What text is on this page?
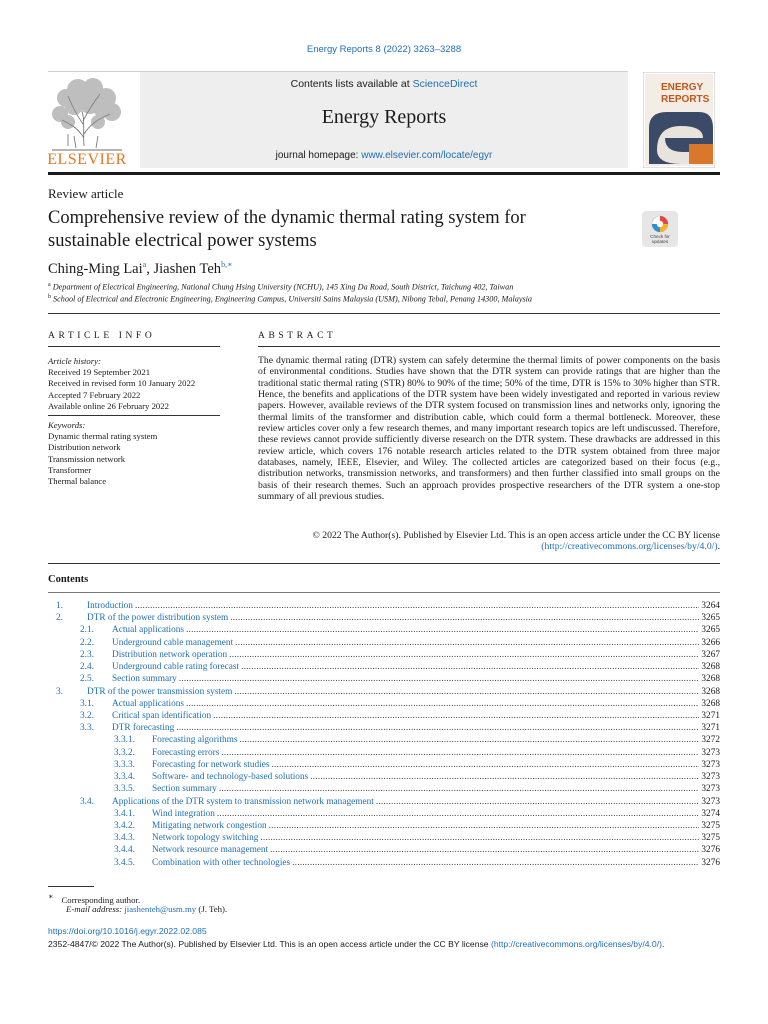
Energy Reports 8 (2022) 3263–3288
ELSEVIER
Contents lists available at ScienceDirect
Energy Reports
journal homepage: www.elsevier.com/locate/egyr
ENERGY
REPORTS
Review article
Comprehensive review of the dynamic thermal rating system for sustainable electrical power systems	Check for
updates
Ching-Ming Lai$^a$, Jiashen Teh$^{b,∗}$
$^a$ Department of Electrical Engineering, National Chung Hsing University (NCHU), 145 Xing Da Road, South District, Taichung 402, Taiwan
$^b$ School of Electrical and Electronic Engineering, Engineering Campus, Universiti Sains Malaysia (USM), Nibong Tebal, Penang 14300, Malaysia
ARTICLE INFO	ABSTRACT
Article history:
Received 19 September 2021
Received in revised form 10 January 2022
Accepted 7 February 2022
Available online 26 February 2022
Keywords:
Dynamic thermal rating system
Distribution network
Transmission network
Transformer
Thermal balance
The dynamic thermal rating (DTR) system can safely determine the thermal limits of power components on the basis of environmental conditions. Studies have shown that the DTR system can provide ratings that are higher than the traditional static thermal rating (STR) 80% to 90% of the time; 50% of the time, DTR is 15% to 30% higher than STR. Hence, the benefits and applications of the DTR system have been widely investigated and reported in various review papers. However, available reviews of the DTR system focused on transmission lines and networks only, ignoring the thermal limits of the transformer and distribution cable, which could form a thermal bottleneck. Moreover, these review articles cover only a few research themes, and many important research topics are left undiscussed. Therefore, these reviews cannot provide sufficiently diverse research on the DTR system. These drawbacks are addressed in this review article, which covers 176 notable research articles related to the DTR system obtained from three major databases, namely, IEEE, Elsevier, and Wiley. The collected articles are categorized based on their focus (e.g., distribution networks, transmission networks, and transformers) and then further classified into small groups on the basis of their research themes. Such an approach provides prospective researchers of the DTR system a one-stop summary of all previous studies.
© 2022 The Author(s). Published by Elsevier Ltd. This is an open access article under the CC BY license
(http://creativecommons.org/licenses/by/4.0/).
Contents
1.	Introduction .....	3264
2.	DTR of the power distribution system .....	3265
2.1.	Actual applications .....	3265
2.2.	Underground cable management .....	3266
2.3.	Distribution network operation .....	3267
2.4.	Underground cable rating forecast .....	3268
2.5.	Section summary .....	3268
3.	DTR of the power transmission system .....	3268
3.1.	Actual applications .....	3268
3.2.	Critical span identification .....	3271
3.3.	DTR forecasting .....	3271
3.3.1.	Forecasting algorithms .....	3272
3.3.2.	Forecasting errors .....	3273
3.3.3.	Forecasting for network studies .....	3273
3.3.4.	Software- and technology-based solutions .....	3273
3.3.5.	Section summary .....	3273
3.4.	Applications of the DTR system to transmission network management .....	3273
3.4.1.	Wind integration .....	3274
3.4.2.	Mitigating network congestion .....	3275
3.4.3.	Network topology switching .....	3275
3.4.4.	Network resource management .....	3276
3.4.5.	Combination with other technologies .....	3276
∗ Corresponding author.
E-mail address: jiashenteh@usm.my (J. Teh).
https://doi.org/10.1016/j.egyr.2022.02.085
2352-4847/© 2022 The Author(s). Published by Elsevier Ltd. This is an open access article under the CC BY license (http://creativecommons.org/licenses/by/4.0/).
